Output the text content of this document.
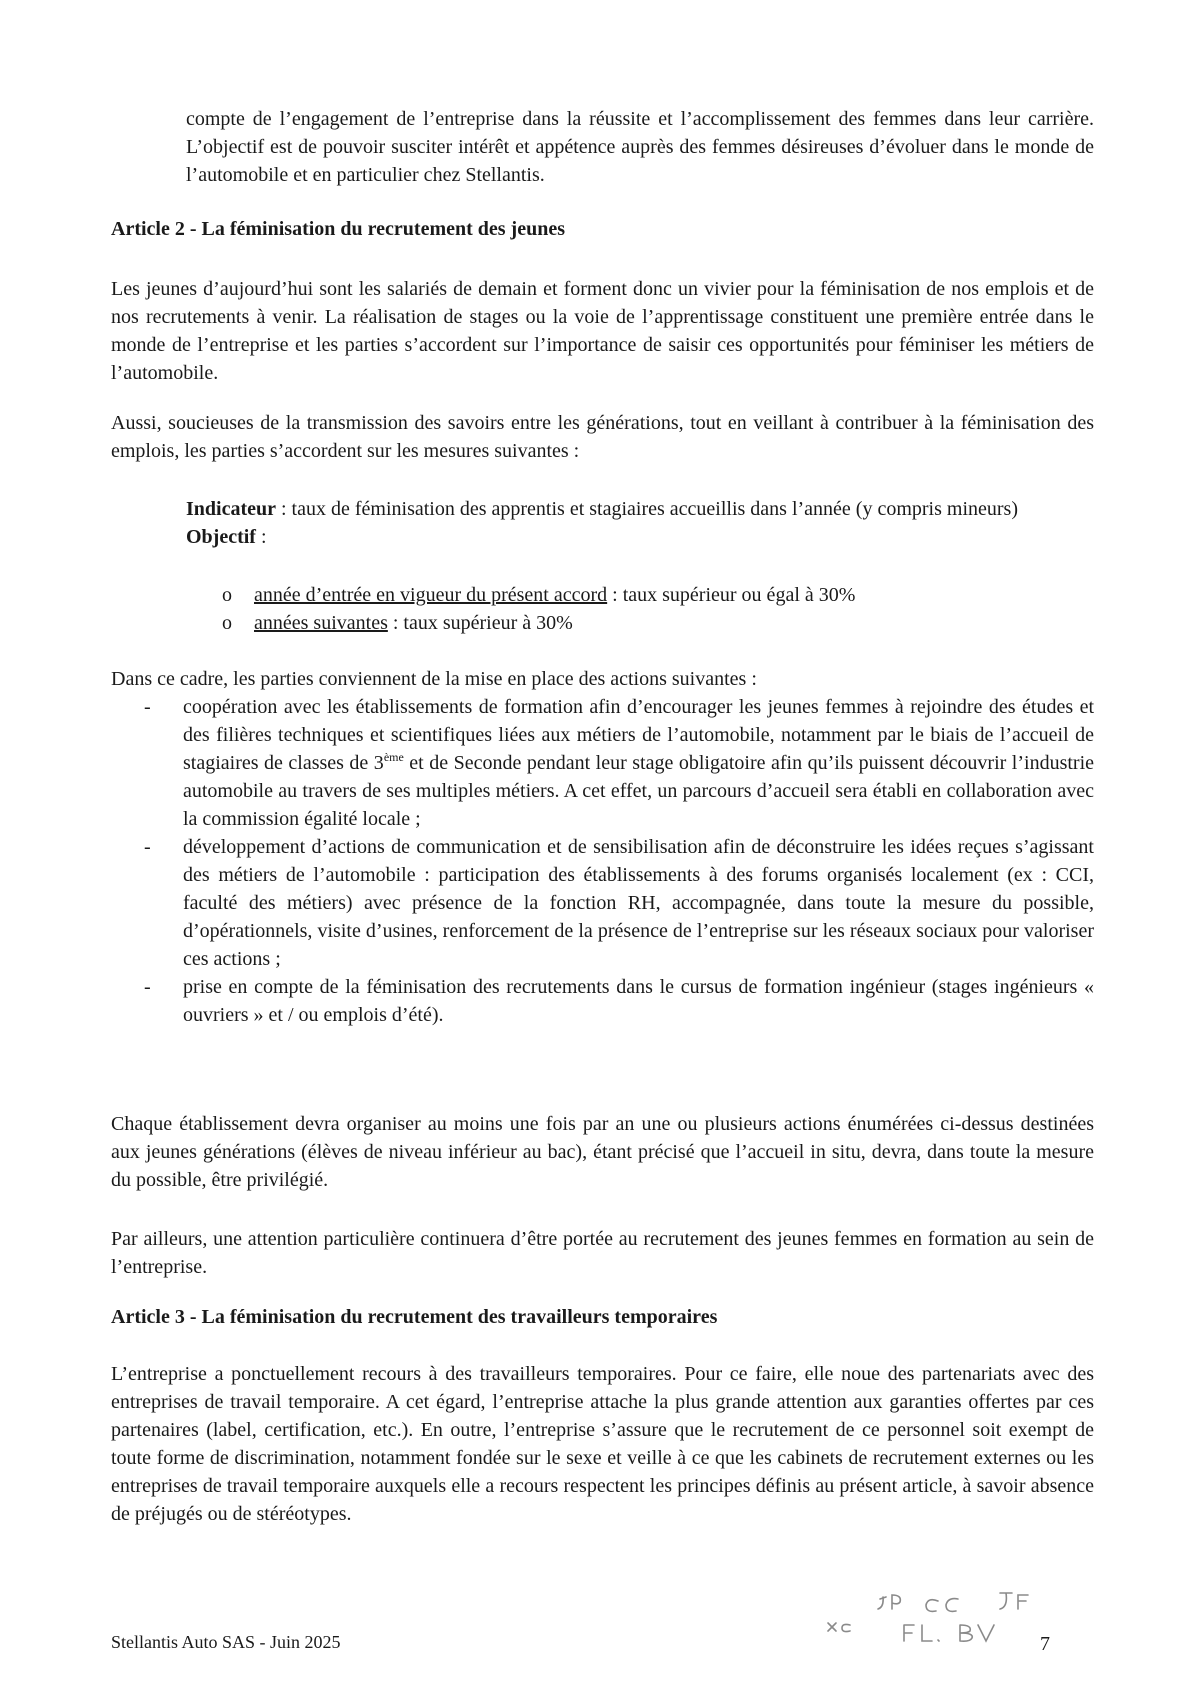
compte de l’engagement de l’entreprise dans la réussite et l’accomplissement des femmes dans leur carrière. L’objectif est de pouvoir susciter intérêt et appétence auprès des femmes désireuses d’évoluer dans le monde de l’automobile et en particulier chez Stellantis.

Article 2 - La féminisation du recrutement des jeunes

Les jeunes d’aujourd’hui sont les salariés de demain et forment donc un vivier pour la féminisation de nos emplois et de nos recrutements à venir. La réalisation de stages ou la voie de l’apprentissage constituent une première entrée dans le monde de l’entreprise et les parties s’accordent sur l’importance de saisir ces opportunités pour féminiser les métiers de l’automobile.

Aussi, soucieuses de la transmission des savoirs entre les générations, tout en veillant à contribuer à la féminisation des emplois, les parties s’accordent sur les mesures suivantes :

Indicateur : taux de féminisation des apprentis et stagiaires accueillis dans l’année (y compris mineurs)
Objectif :
o année d’entrée en vigueur du présent accord : taux supérieur ou égal à 30%
o années suivantes : taux supérieur à 30%

Dans ce cadre, les parties conviennent de la mise en place des actions suivantes :

- coopération avec les établissements de formation afin d’encourager les jeunes femmes à rejoindre des études et des filières techniques et scientifiques liées aux métiers de l’automobile, notamment par le biais de l’accueil de stagiaires de classes de 3ème et de Seconde pendant leur stage obligatoire afin qu’ils puissent découvrir l’industrie automobile au travers de ses multiples métiers. A cet effet, un parcours d’accueil sera établi en collaboration avec la commission égalité locale ;
- développement d’actions de communication et de sensibilisation afin de déconstruire les idées reçues s’agissant des métiers de l’automobile : participation des établissements à des forums organisés localement (ex : CCI, faculté des métiers) avec présence de la fonction RH, accompagnée, dans toute la mesure du possible, d’opérationnels, visite d’usines, renforcement de la présence de l’entreprise sur les réseaux sociaux pour valoriser ces actions ;
- prise en compte de la féminisation des recrutements dans le cursus de formation ingénieur (stages ingénieurs « ouvriers » et / ou emplois d’été).

Chaque établissement devra organiser au moins une fois par an une ou plusieurs actions énumérées ci-dessus destinées aux jeunes générations (élèves de niveau inférieur au bac), étant précisé que l’accueil in situ, devra, dans toute la mesure du possible, être privilégié.

Par ailleurs, une attention particulière continuera d’être portée au recrutement des jeunes femmes en formation au sein de l’entreprise.

Article 3 - La féminisation du recrutement des travailleurs temporaires

L’entreprise a ponctuellement recours à des travailleurs temporaires. Pour ce faire, elle noue des partenariats avec des entreprises de travail temporaire. A cet égard, l’entreprise attache la plus grande attention aux garanties offertes par ces partenaires (label, certification, etc.). En outre, l’entreprise s’assure que le recrutement de ce personnel soit exempt de toute forme de discrimination, notamment fondée sur le sexe et veille à ce que les cabinets de recrutement externes ou les entreprises de travail temporaire auxquels elle a recours respectent les principes définis au présent article, à savoir absence de préjugés ou de stéréotypes.

Stellantis Auto SAS - Juin 2025	7
